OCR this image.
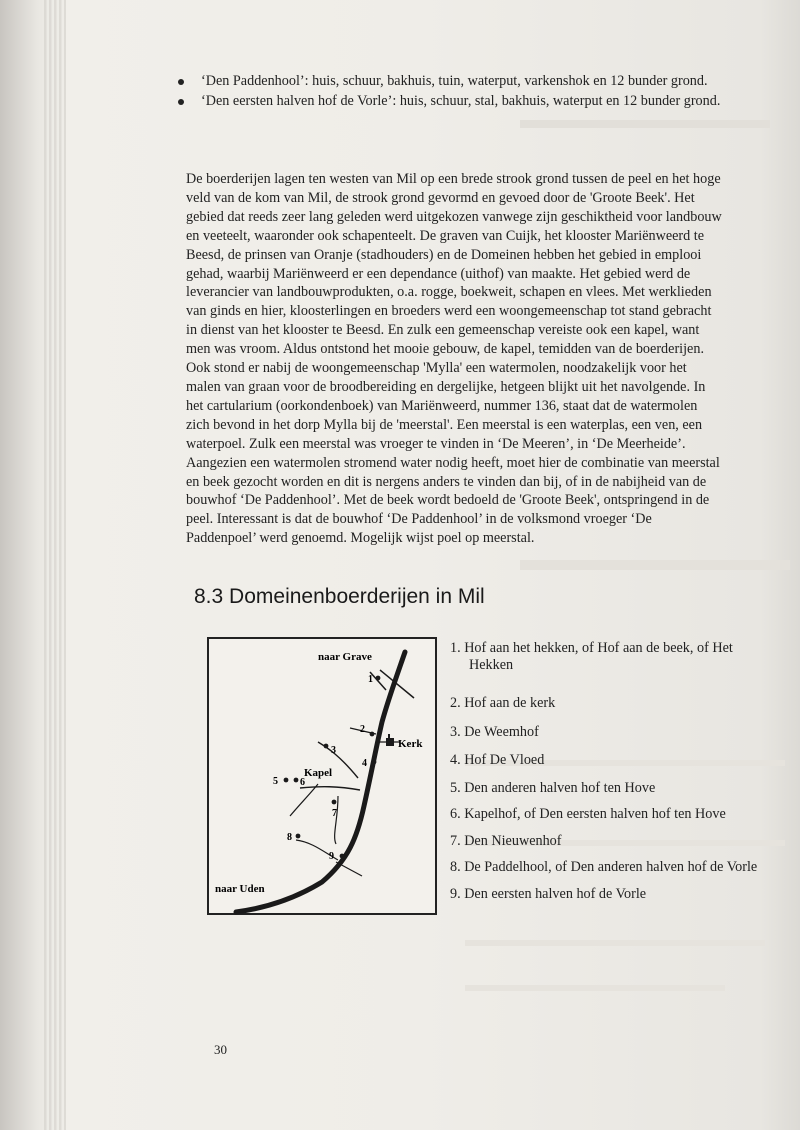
‘Den Paddenhool’: huis, schuur, bakhuis, tuin, waterput, varkenshok en 12 bunder grond.
‘Den eersten halven hof de Vorle’: huis, schuur, stal, bakhuis, waterput en 12 bunder grond.
De boerderijen lagen ten westen van Mil op een brede strook grond tussen de peel en het hoge
veld van de kom van Mil, de strook grond gevormd en gevoed door de 'Groote Beek'. Het
gebied dat reeds zeer lang geleden werd uitgekozen vanwege zijn geschiktheid voor landbouw
en veeteelt, waaronder ook schapenteelt. De graven van Cuijk, het klooster Mariënweerd te
Beesd, de prinsen van Oranje (stadhouders) en de Domeinen hebben het gebied in emplooi
gehad, waarbij Mariënweerd er een dependance (uithof) van maakte. Het gebied werd de
leverancier van landbouwprodukten, o.a. rogge, boekweit, schapen en vlees. Met werklieden
van ginds en hier, kloosterlingen en broeders werd een woongemeenschap tot stand gebracht
in dienst van het klooster te Beesd. En zulk een gemeenschap vereiste ook een kapel, want
men was vroom. Aldus ontstond het mooie gebouw, de kapel, temidden van de boerderijen.
Ook stond er nabij de woongemeenschap 'Mylla' een watermolen, noodzakelijk voor het
malen van graan voor de broodbereiding en dergelijke, hetgeen blijkt uit het navolgende. In
het cartularium (oorkondenboek) van Mariënweerd, nummer 136, staat dat de watermolen
zich bevond in het dorp Mylla bij de 'meerstal'. Een meerstal is een waterplas, een ven, een
waterpoel. Zulk een meerstal was vroeger te vinden in ‘De Meeren’, in ‘De Meerheide’.
Aangezien een watermolen stromend water nodig heeft, moet hier de combinatie van meerstal
en beek gezocht worden en dit is nergens anders te vinden dan bij, of in de nabijheid van de
bouwhof ‘De Paddenhool’. Met de beek wordt bedoeld de 'Groote Beek', ontspringend in de
peel. Interessant is dat de bouwhof ‘De Paddenhool’ in de volksmond vroeger ‘De
Paddenpoel’ werd genoemd. Mogelijk wijst poel op meerstal.
8.3 Domeinenboerderijen in Mil
naar Grave
naar Uden
Kerk
Kapel
1
2
3
4
5 6
7
8
9
1. Hof aan het hekken, of Hof aan de beek, of Het
Hekken
2. Hof aan de kerk
3. De Weemhof
4. Hof De Vloed
5. Den anderen halven hof ten Hove
6. Kapelhof, of Den eersten halven hof ten Hove
7. Den Nieuwenhof
8. De Paddelhool, of Den anderen halven hof de Vorle
9. Den eersten halven hof de Vorle
30
